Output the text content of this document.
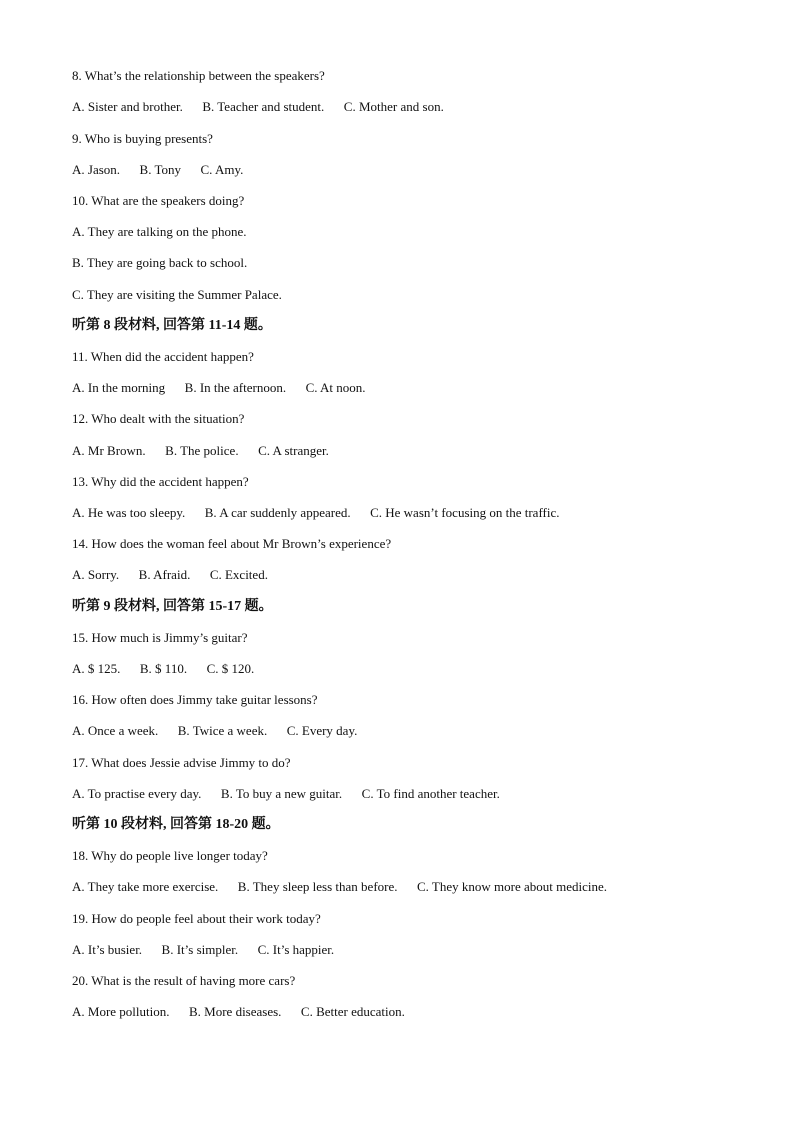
8. What’s the relationship between the speakers?
A. Sister and brother.      B. Teacher and student.      C. Mother and son.
9. Who is buying presents?
A. Jason.      B. Tony      C. Amy.
10. What are the speakers doing?
A. They are talking on the phone.
B. They are going back to school.
C. They are visiting the Summer Palace.
听第 8 段材料, 回答第 11-14 题。
11. When did the accident happen?
A. In the morning      B. In the afternoon.      C. At noon.
12. Who dealt with the situation?
A. Mr Brown.      B. The police.      C. A stranger.
13. Why did the accident happen?
A. He was too sleepy.      B. A car suddenly appeared.      C. He wasn’t focusing on the traffic.
14. How does the woman feel about Mr Brown’s experience?
A. Sorry.      B. Afraid.      C. Excited.
听第 9 段材料, 回答第 15-17 题。
15. How much is Jimmy’s guitar?
A. $ 125.      B. $ 110.      C. $ 120.
16. How often does Jimmy take guitar lessons?
A. Once a week.      B. Twice a week.      C. Every day.
17. What does Jessie advise Jimmy to do?
A. To practise every day.      B. To buy a new guitar.      C. To find another teacher.
听第 10 段材料, 回答第 18-20 题。
18. Why do people live longer today?
A. They take more exercise.      B. They sleep less than before.      C. They know more about medicine.
19. How do people feel about their work today?
A. It’s busier.      B. It’s simpler.      C. It’s happier.
20. What is the result of having more cars?
A. More pollution.      B. More diseases.      C. Better education.
